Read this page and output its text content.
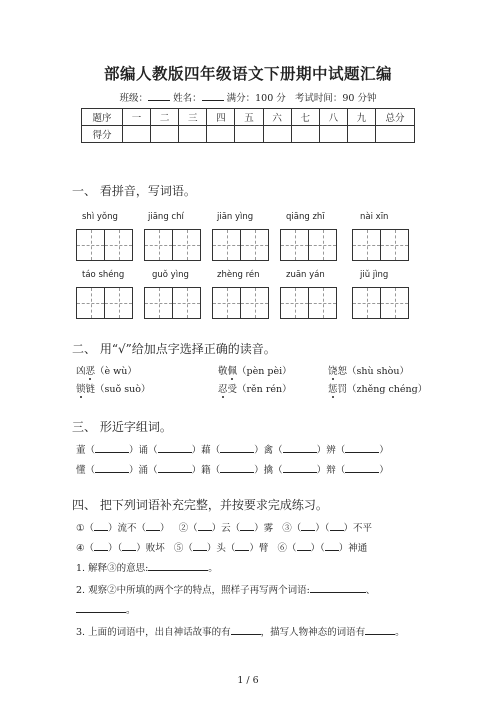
部编人教版四年级语文下册期中试题汇编
班级：	姓名：	满分：100 分 考试时间：90 分钟
题序	一	二	三	四	五	六	七	八	九	总分
得分										
一、 看拼音，写词语。
shì yǒng	jiāng chí	jiān yìng	qiāng zhī	nài xīn
táo shéng	guǒ yìng	zhèng rén	zuān yán	jiǔ jìng
二、 用“√”给加点字选择正确的读音。
凶恶（è wù）	敬佩（pèn pèi）	饶恕（shù shòu）
锁链（suǒ suò）	忍受（rěn rén）	惩罚（zhěng chéng）
三、 形近字组词。
董（	）诵（	）藉（	）禽（	）辨（	）
懂（	）涌（	）籍（	）擒（	）辩（	）
四、 把下列词语补充完整，并按要求完成练习。
①（ ）流不（ ） ②（ ）云（ ）雾 ③（ ）（ ）不平
④（ ）（ ）败坏 ⑤（ ）头（ ）臂 ⑥（ ）（ ）神通
1. 解释③的意思:	。
2. 观察②中所填的两个字的特点，照样子再写两个词语:	、
。
3. 上面的词语中，出自神话故事的有	，描写人物神态的词语有	。
1 / 6
